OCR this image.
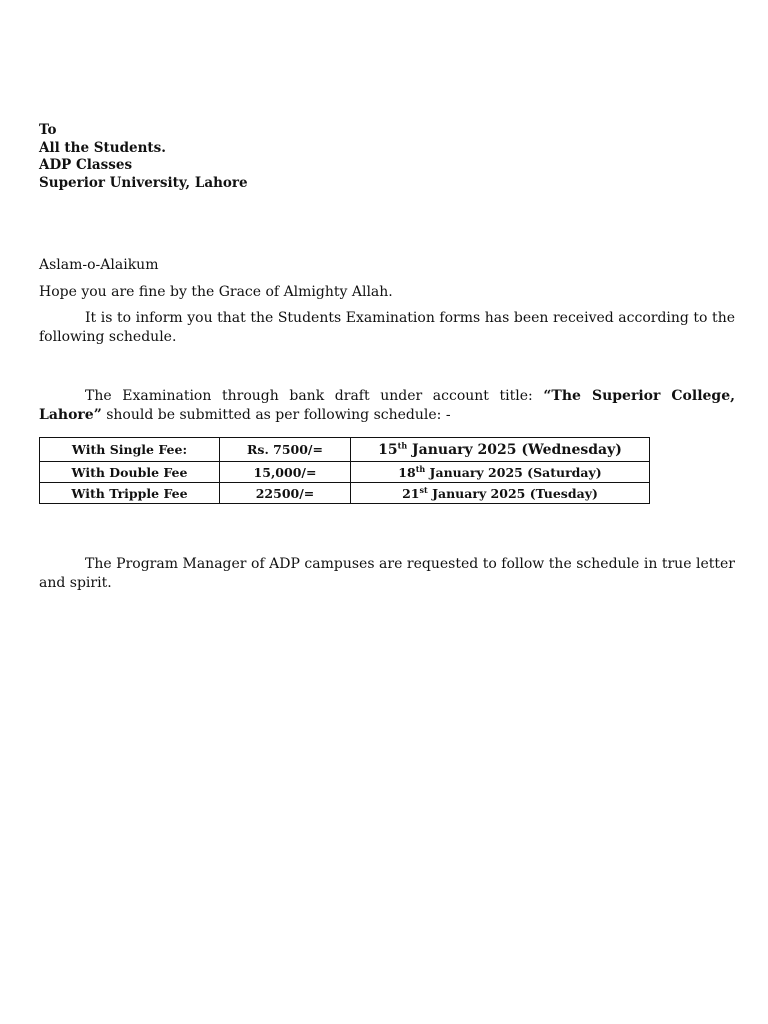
To
All the Students.
ADP Classes
Superior University, Lahore
Aslam-o-Alaikum
Hope you are fine by the Grace of Almighty Allah.
It is to inform you that the Students Examination forms has been received according to the following schedule.
The Examination through bank draft under account title: “The Superior College, Lahore” should be submitted as per following schedule: -
With Single Fee:	Rs. 7500/=	15th January 2025 (Wednesday)
With Double Fee	15,000/=	18th January 2025 (Saturday)
With Tripple Fee	22500/=	21st January 2025 (Tuesday)
The Program Manager of ADP campuses are requested to follow the schedule in true letter and spirit.
